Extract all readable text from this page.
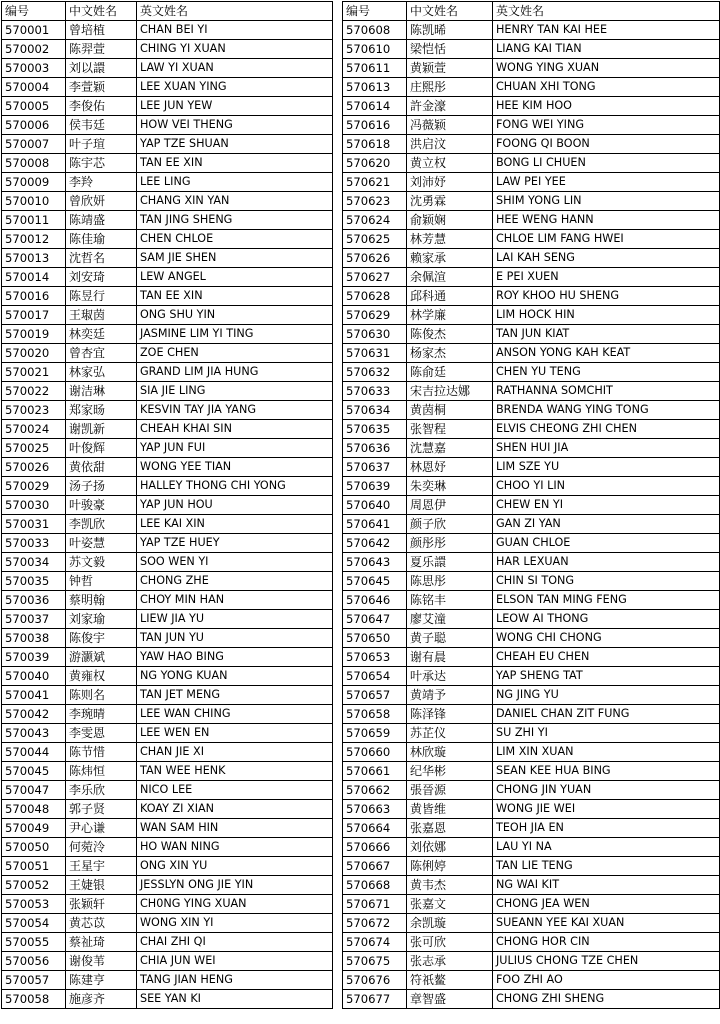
编号	中文姓名	英文姓名
570001	曾培植	CHAN BEI YI
570002	陈羿萱	CHING YI XUAN
570003	刘以譞	LAW YI XUAN
570004	李萱颖	LEE XUAN YING
570005	李俊佑	LEE JUN YEW
570006	侯韦廷	HOW VEI THENG
570007	叶子瑄	YAP TZE SHUAN
570008	陈宇芯	TAN EE XIN
570009	李羚	LEE LING
570010	曾欣妍	CHANG XIN YAN
570011	陈靖盛	TAN JING SHENG
570012	陈佳瑜	CHEN CHLOE
570013	沈哲名	SAM JIE SHEN
570014	刘安琦	LEW ANGEL
570016	陈昱行	TAN EE XIN
570017	王琡茵	ONG SHU YIN
570019	林奕廷	JASMINE LIM YI TING
570020	曾杏宜	ZOE CHEN
570021	林家弘	GRAND LIM JIA HUNG
570022	谢洁琳	SIA JIE LING
570023	郑家旸	KESVIN TAY JIA YANG
570024	谢凯新	CHEAH KHAI SIN
570025	叶俊辉	YAP JUN FUI
570026	黄依甜	WONG YEE TIAN
570029	汤子扬	HALLEY THONG CHI YONG
570030	叶骏豪	YAP JUN HOU
570031	李凯欣	LEE KAI XIN
570033	叶姿慧	YAP TZE HUEY
570034	苏文毅	SOO WEN YI
570035	钟哲	CHONG ZHE
570036	蔡明翰	CHOY MIN HAN
570037	刘家瑜	LIEW JIA YU
570038	陈俊宇	TAN JUN YU
570039	游灏斌	YAW HAO BING
570040	黄雍权	NG YONG KUAN
570041	陈则名	TAN JET MENG
570042	李琬晴	LEE WAN CHING
570043	李雯恩	LEE WEN EN
570044	陈节惜	CHAN JIE XI
570045	陈炜恒	TAN WEE HENK
570047	李乐欣	NICO LEE
570048	郭子贤	KOAY ZI XIAN
570049	尹心谦	WAN SAM HIN
570050	何菀泠	HO WAN NING
570051	王星宇	ONG XIN YU
570052	王婕银	JESSLYN ONG JIE YIN
570053	张颖轩	CH0NG YING XUAN
570054	黄芯苡	WONG XIN YI
570055	蔡祉琦	CHAI ZHI QI
570056	谢俊苇	CHIA JUN WEI
570057	陈建亨	TANG JIAN HENG
570058	施彦齐	SEE YAN KI
编号	中文姓名	英文姓名
570608	陈凯晞	HENRY TAN KAI HEE
570610	梁恺恬	LIANG KAI TIAN
570611	黄颖萱	WONG YING XUAN
570613	庄熙彤	CHUAN XHI TONG
570614	許金濠	HEE KIM HOO
570616	冯薇颖	FONG WEI YING
570618	洪启汶	FOONG QI BOON
570620	黄立权	BONG LI CHUEN
570621	刘沛妤	LAW PEI YEE
570623	沈勇霖	SHIM YONG LIN
570624	俞颖娴	HEE WENG HANN
570625	林芳慧	CHLOE LIM FANG HWEI
570626	赖家承	LAI KAH SENG
570627	余佩渲	E PEI XUEN
570628	邱科通	ROY KHOO HU SHENG
570629	林学廉	LIM HOCK HIN
570630	陈俊杰	TAN JUN KIAT
570631	杨家杰	ANSON YONG KAH KEAT
570632	陈俞廷	CHEN YU TENG
570633	宋吉拉达娜	RATHANNA SOMCHIT
570634	黄茵桐	BRENDA WANG YING TONG
570635	张智程	ELVIS CHEONG ZHI CHEN
570636	沈慧嘉	SHEN HUI JIA
570637	林恩妤	LIM SZE YU
570639	朱奕琳	CHOO YI LIN
570640	周恩伊	CHEW EN YI
570641	颜子欣	GAN ZI YAN
570642	颜彤彤	GUAN CHLOE
570643	夏乐譞	HAR LEXUAN
570645	陈思彤	CHIN SI TONG
570646	陈铭丰	ELSON TAN MING FENG
570647	廖艾潼	LEOW AI THONG
570650	黄子聪	WONG CHI CHONG
570653	谢有晨	CHEAH EU CHEN
570654	叶承达	YAP SHENG TAT
570657	黄靖予	NG JING YU
570658	陈泽锋	DANIEL CHAN ZIT FUNG
570659	苏芷仪	SU ZHI YI
570660	林欣璇	LIM XIN XUAN
570661	纪华彬	SEAN KEE HUA BING
570662	張晉源	CHONG JIN YUAN
570663	黄皆维	WONG JIE WEI
570664	张嘉恩	TEOH JIA EN
570666	刘依娜	LAU YI NA
570667	陈俐婷	TAN LIE TENG
570668	黄韦杰	NG WAI KIT
570671	张嘉文	CHONG JEA WEN
570672	余凯璇	SUEANN YEE KAI XUAN
570674	张可欣	CHONG HOR CIN
570675	张志承	JULIUS CHONG TZE CHEN
570676	符祇鳌	FOO ZHI AO
570677	章智盛	CHONG ZHI SHENG
